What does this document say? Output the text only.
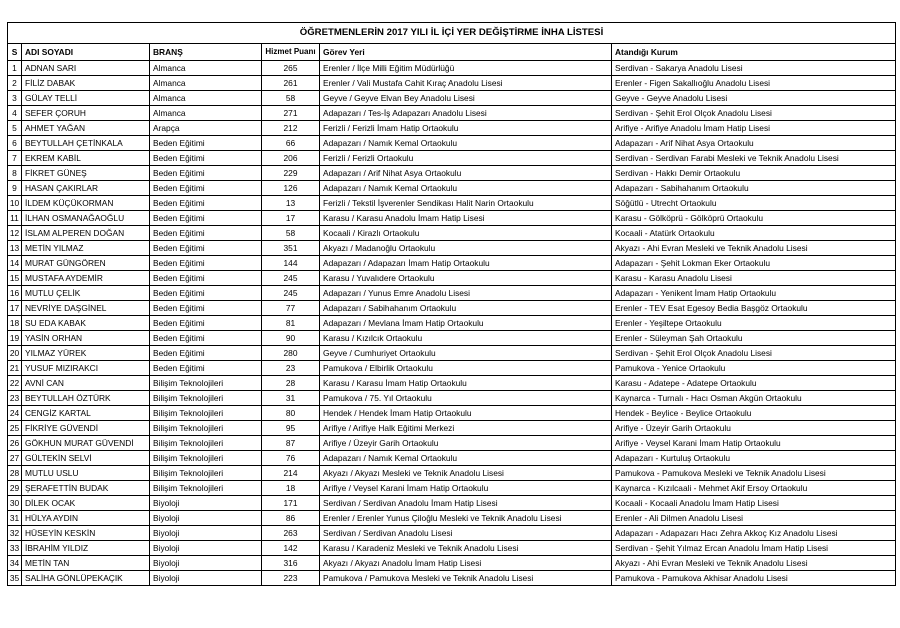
ÖĞRETMENLERİN 2017 YILI İL İÇİ YER DEĞİŞTİRME İNHA LİSTESİ					
S	ADI SOYADI	BRANŞ	Hizmet Puanı	Görev Yeri	Atandığı Kurum
1	ADNAN SARI	Almanca	265	Erenler / İlçe Milli Eğitim Müdürlüğü	Serdivan - Sakarya Anadolu Lisesi
2	FİLİZ DABAK	Almanca	261	Erenler / Vali Mustafa Cahit Kıraç Anadolu Lisesi	Erenler - Figen Sakallıoğlu Anadolu Lisesi
3	GÜLAY TELLİ	Almanca	58	Geyve / Geyve Elvan Bey Anadolu Lisesi	Geyve - Geyve Anadolu Lisesi
4	SEFER ÇORUH	Almanca	271	Adapazarı / Tes-İş Adapazarı Anadolu Lisesi	Serdivan - Şehit Erol Olçok Anadolu Lisesi
5	AHMET YAĞAN	Arapça	212	Ferizli / Ferizli İmam Hatip Ortaokulu	Arifiye - Arifiye Anadolu İmam Hatip Lisesi
6	BEYTULLAH ÇETİNKALA	Beden Eğitimi	66	Adapazarı / Namık Kemal Ortaokulu	Adapazarı - Arif Nihat Asya Ortaokulu
7	EKREM KABİL	Beden Eğitimi	206	Ferizli / Ferizli Ortaokulu	Serdivan - Serdivan Farabi Mesleki ve Teknik Anadolu Lisesi
8	FİKRET GÜNEŞ	Beden Eğitimi	229	Adapazarı / Arif Nihat Asya Ortaokulu	Serdivan - Hakkı Demir Ortaokulu
9	HASAN ÇAKIRLAR	Beden Eğitimi	126	Adapazarı / Namık Kemal Ortaokulu	Adapazarı - Sabihahanım Ortaokulu
10	İLDEM KÜÇÜKORMAN	Beden Eğitimi	13	Ferizli / Tekstil İşverenler Sendikası Halit Narin Ortaokulu	Söğütlü - Utrecht Ortaokulu
11	İLHAN OSMANAĞAOĞLU	Beden Eğitimi	17	Karasu / Karasu Anadolu İmam Hatip Lisesi	Karasu - Gölköprü - Gölköprü Ortaokulu
12	İSLAM ALPEREN DOĞAN	Beden Eğitimi	58	Kocaali / Kirazlı Ortaokulu	Kocaali - Atatürk Ortaokulu
13	METİN YILMAZ	Beden Eğitimi	351	Akyazı / Madanoğlu Ortaokulu	Akyazı - Ahi Evran Mesleki ve Teknik Anadolu Lisesi
14	MURAT GÜNGÖREN	Beden Eğitimi	144	Adapazarı / Adapazarı İmam Hatip Ortaokulu	Adapazarı - Şehit Lokman Eker Ortaokulu
15	MUSTAFA AYDEMİR	Beden Eğitimi	245	Karasu / Yuvalıdere Ortaokulu	Karasu - Karasu Anadolu Lisesi
16	MUTLU ÇELİK	Beden Eğitimi	245	Adapazarı / Yunus Emre Anadolu Lisesi	Adapazarı - Yenikent İmam Hatip Ortaokulu
17	NEVRİYE DAŞGİNEL	Beden Eğitimi	77	Adapazarı / Sabihahanım Ortaokulu	Erenler - TEV Esat Egesoy Bedia Başgöz Ortaokulu
18	SU EDA KABAK	Beden Eğitimi	81	Adapazarı / Mevlana İmam Hatip Ortaokulu	Erenler - Yeşiltepe Ortaokulu
19	YASİN ORHAN	Beden Eğitimi	90	Karasu / Kızılcık Ortaokulu	Erenler - Süleyman Şah Ortaokulu
20	YILMAZ YÜREK	Beden Eğitimi	280	Geyve / Cumhuriyet Ortaokulu	Serdivan - Şehit Erol Olçok Anadolu Lisesi
21	YUSUF MIZIRAKCI	Beden Eğitimi	23	Pamukova / Elbirlik Ortaokulu	Pamukova - Yenice Ortaokulu
22	AVNİ CAN	Bilişim Teknolojileri	28	Karasu / Karasu İmam Hatip Ortaokulu	Karasu - Adatepe - Adatepe Ortaokulu
23	BEYTULLAH ÖZTÜRK	Bilişim Teknolojileri	31	Pamukova / 75. Yıl Ortaokulu	Kaynarca - Turnalı - Hacı Osman Akgün Ortaokulu
24	CENGİZ KARTAL	Bilişim Teknolojileri	80	Hendek / Hendek İmam Hatip Ortaokulu	Hendek - Beylice - Beylice Ortaokulu
25	FİKRİYE GÜVENDİ	Bilişim Teknolojileri	95	Arifiye / Arifiye Halk Eğitimi Merkezi	Arifiye - Üzeyir Garih Ortaokulu
26	GÖKHUN MURAT GÜVENDİ	Bilişim Teknolojileri	87	Arifiye / Üzeyir Garih Ortaokulu	Arifiye - Veysel Karani İmam Hatip Ortaokulu
27	GÜLTEKİN SELVİ	Bilişim Teknolojileri	76	Adapazarı / Namık Kemal Ortaokulu	Adapazarı - Kurtuluş Ortaokulu
28	MUTLU USLU	Bilişim Teknolojileri	214	Akyazı / Akyazı Mesleki ve Teknik Anadolu Lisesi	Pamukova - Pamukova Mesleki ve Teknik Anadolu Lisesi
29	ŞERAFETTİN BUDAK	Bilişim Teknolojileri	18	Arifiye / Veysel Karani İmam Hatip Ortaokulu	Kaynarca - Kızılcaali - Mehmet Akif Ersoy Ortaokulu
30	DİLEK OCAK	Biyoloji	171	Serdivan / Serdivan Anadolu İmam Hatip Lisesi	Kocaali - Kocaali Anadolu İmam Hatip Lisesi
31	HÜLYA AYDIN	Biyoloji	86	Erenler / Erenler Yunus Çiloğlu Mesleki ve Teknik Anadolu Lisesi	Erenler - Ali Dilmen Anadolu Lisesi
32	HÜSEYİN KESKİN	Biyoloji	263	Serdivan / Serdivan Anadolu Lisesi	Adapazarı - Adapazarı Hacı Zehra Akkoç Kız Anadolu Lisesi
33	İBRAHİM YILDIZ	Biyoloji	142	Karasu / Karadeniz Mesleki ve Teknik Anadolu Lisesi	Serdivan - Şehit Yılmaz Ercan Anadolu İmam Hatip Lisesi
34	METİN TAN	Biyoloji	316	Akyazı / Akyazı Anadolu İmam Hatip Lisesi	Akyazı - Ahi Evran Mesleki ve Teknik Anadolu Lisesi
35	SALİHA GÖNLÜPEKAÇIK	Biyoloji	223	Pamukova / Pamukova Mesleki ve Teknik Anadolu Lisesi	Pamukova - Pamukova Akhisar Anadolu Lisesi
